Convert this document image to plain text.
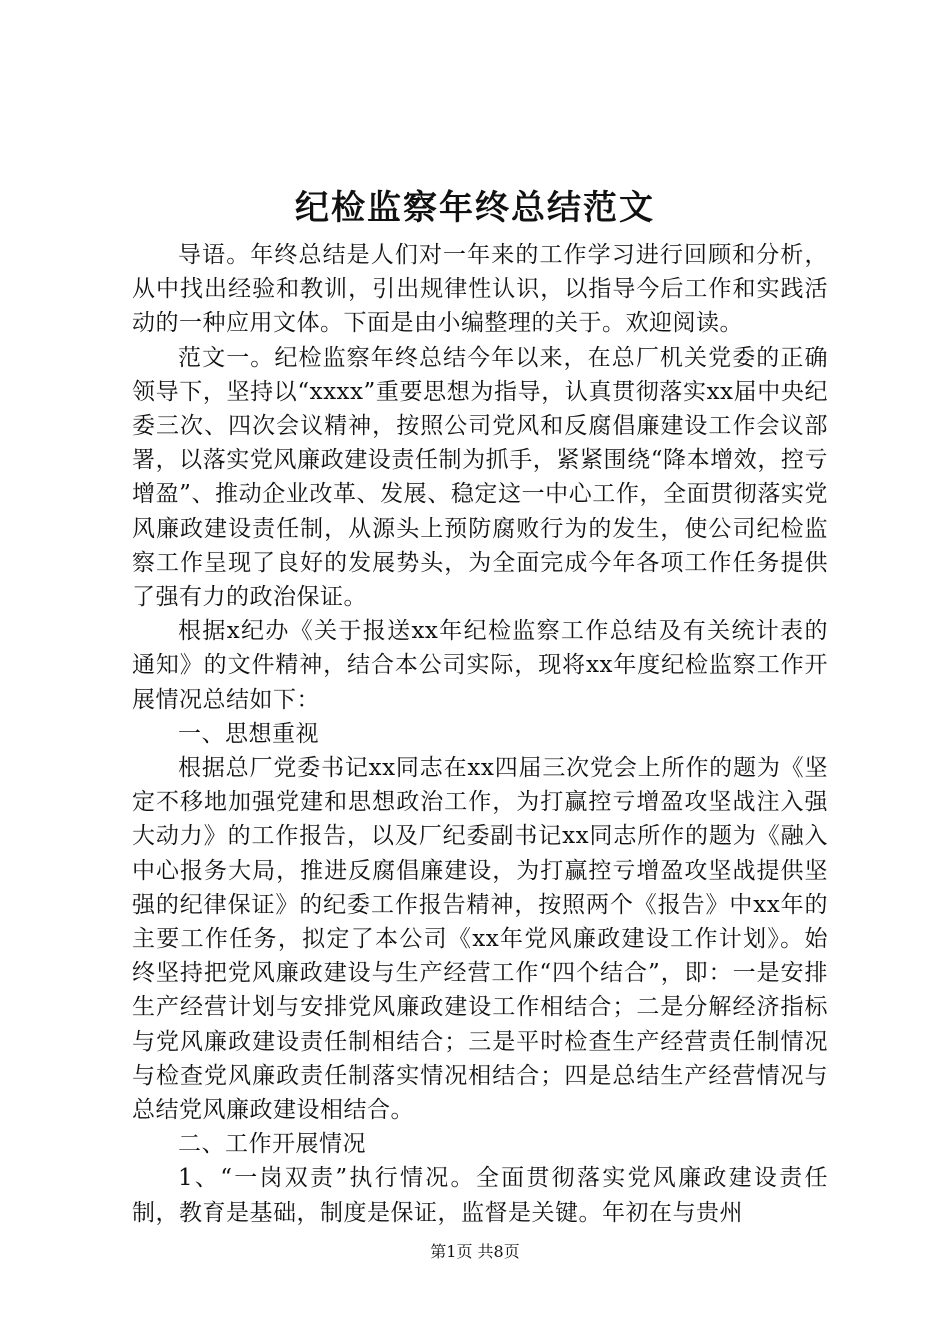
纪检监察年终总结范文

导语。年终总结是人们对一年来的工作学习进行回顾和分析，从中找出经验和教训，引出规律性认识，以指导今后工作和实践活动的一种应用文体。下面是由小编整理的关于。欢迎阅读。

范文一。纪检监察年终总结今年以来，在总厂机关党委的正确领导下，坚持以“xxxx”重要思想为指导，认真贯彻落实xx届中央纪委三次、四次会议精神，按照公司党风和反腐倡廉建设工作会议部署，以落实党风廉政建设责任制为抓手，紧紧围绕“降本增效，控亏增盈”、推动企业改革、发展、稳定这一中心工作，全面贯彻落实党风廉政建设责任制，从源头上预防腐败行为的发生，使公司纪检监察工作呈现了良好的发展势头，为全面完成今年各项工作任务提供了强有力的政治保证。

根据x纪办《关于报送xx年纪检监察工作总结及有关统计表的通知》的文件精神，结合本公司实际，现将xx年度纪检监察工作开展情况总结如下：

一、思想重视

根据总厂党委书记xx同志在xx四届三次党会上所作的题为《坚定不移地加强党建和思想政治工作，为打赢控亏增盈攻坚战注入强大动力》的工作报告，以及厂纪委副书记xx同志所作的题为《融入中心报务大局，推进反腐倡廉建设，为打赢控亏增盈攻坚战提供坚强的纪律保证》的纪委工作报告精神，按照两个《报告》中xx年的主要工作任务，拟定了本公司《xx年党风廉政建设工作计划》。始终坚持把党风廉政建设与生产经营工作“四个结合”，即：一是安排生产经营计划与安排党风廉政建设工作相结合；二是分解经济指标与党风廉政建设责任制相结合；三是平时检查生产经营责任制情况与检查党风廉政责任制落实情况相结合；四是总结生产经营情况与总结党风廉政建设相结合。

二、工作开展情况

1、“一岗双责”执行情况。全面贯彻落实党风廉政建设责任制，教育是基础，制度是保证，监督是关键。年初在与贵州

第1页 共8页
